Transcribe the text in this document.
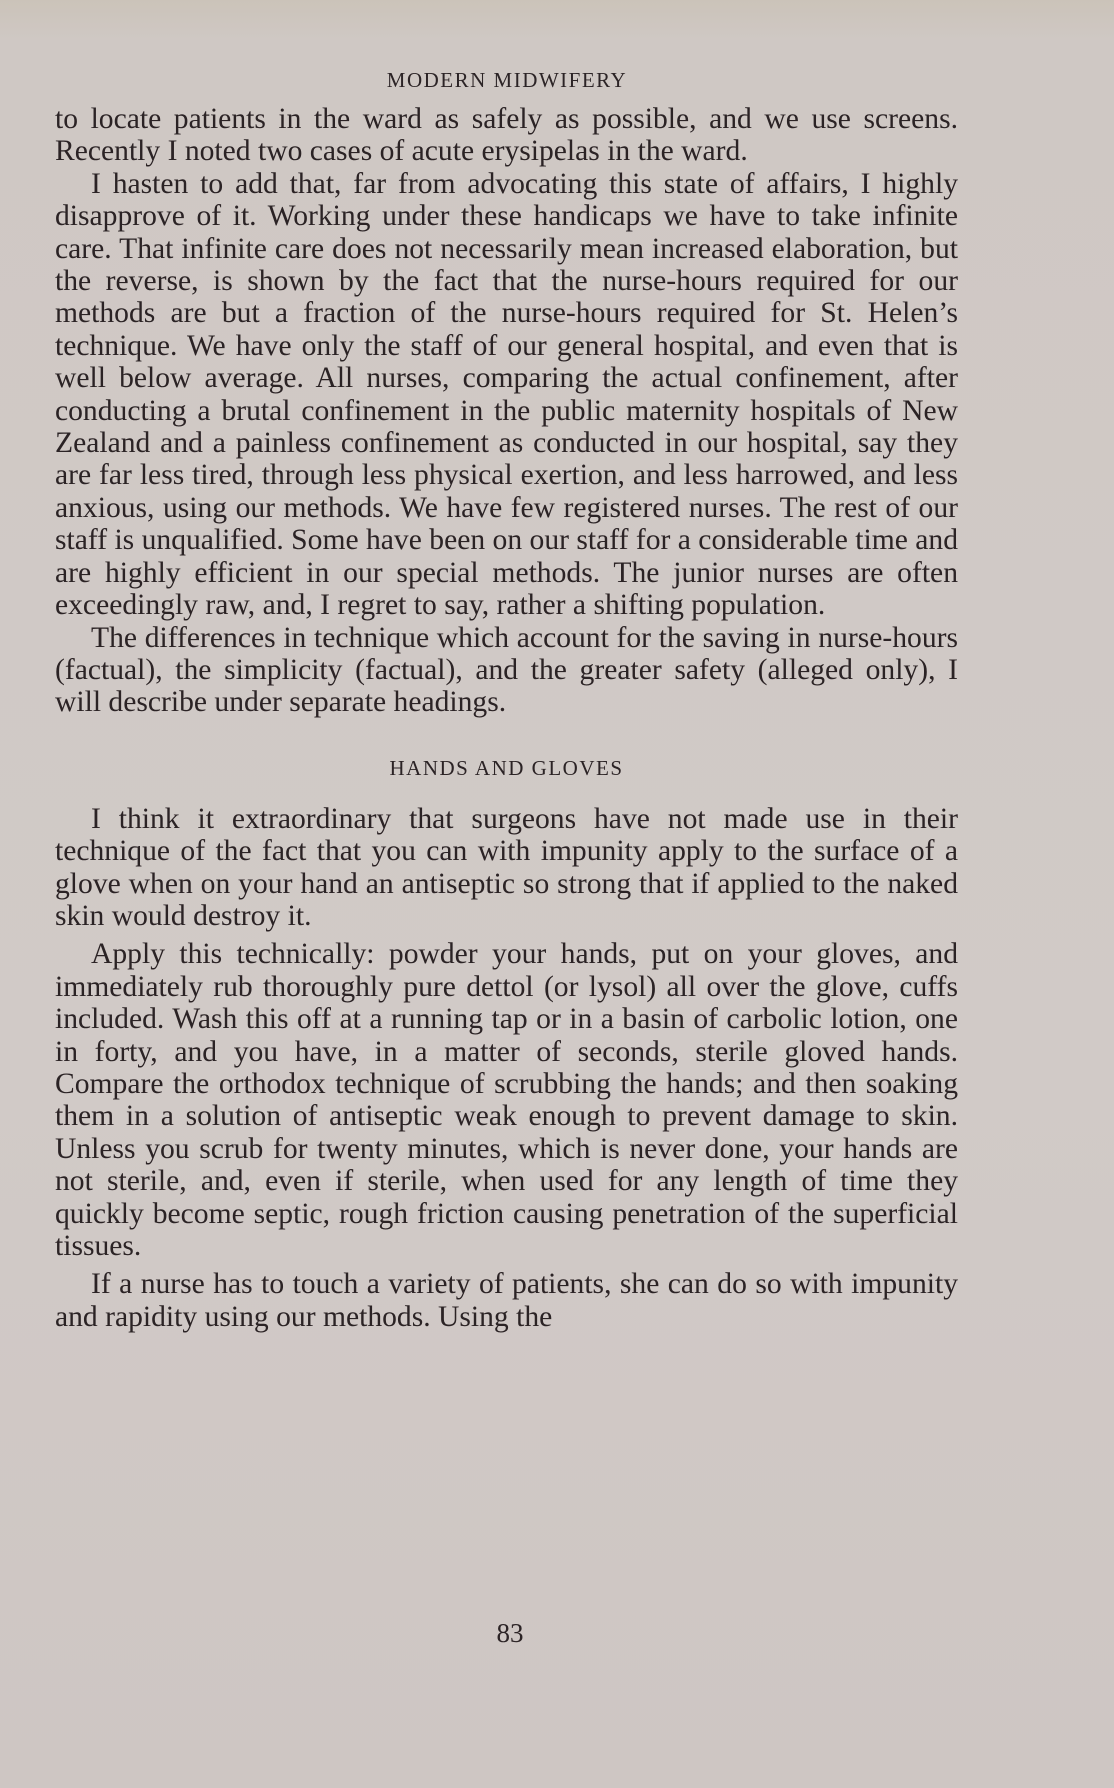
MODERN MIDWIFERY

to locate patients in the ward as safely as possible, and we use screens. Recently I noted two cases of acute erysipelas in the ward.

I hasten to add that, far from advocating this state of affairs, I highly disapprove of it. Working under these handicaps we have to take infinite care. That infinite care does not necessarily mean increased elaboration, but the reverse, is shown by the fact that the nurse-hours required for our methods are but a fraction of the nurse-hours required for St. Helen’s technique. We have only the staff of our general hospital, and even that is well below average. All nurses, comparing the actual confinement, after conducting a brutal confinement in the public maternity hospitals of New Zealand and a painless confinement as conducted in our hospital, say they are far less tired, through less physical exertion, and less harrowed, and less anxious, using our methods. We have few registered nurses. The rest of our staff is unqualified. Some have been on our staff for a considerable time and are highly efficient in our special methods. The junior nurses are often exceedingly raw, and, I regret to say, rather a shifting population.

The differences in technique which account for the saving in nurse-hours (factual), the simplicity (factual), and the greater safety (alleged only), I will describe under separate headings.

HANDS AND GLOVES

I think it extraordinary that surgeons have not made use in their technique of the fact that you can with impunity apply to the surface of a glove when on your hand an antiseptic so strong that if applied to the naked skin would destroy it.

Apply this technically: powder your hands, put on your gloves, and immediately rub thoroughly pure dettol (or lysol) all over the glove, cuffs included. Wash this off at a running tap or in a basin of carbolic lotion, one in forty, and you have, in a matter of seconds, sterile gloved hands. Compare the orthodox technique of scrubbing the hands; and then soaking them in a solution of antiseptic weak enough to prevent damage to skin. Unless you scrub for twenty minutes, which is never done, your hands are not sterile, and, even if sterile, when used for any length of time they quickly become septic, rough friction causing penetration of the superficial tissues.

If a nurse has to touch a variety of patients, she can do so with impunity and rapidity using our methods. Using the

83
